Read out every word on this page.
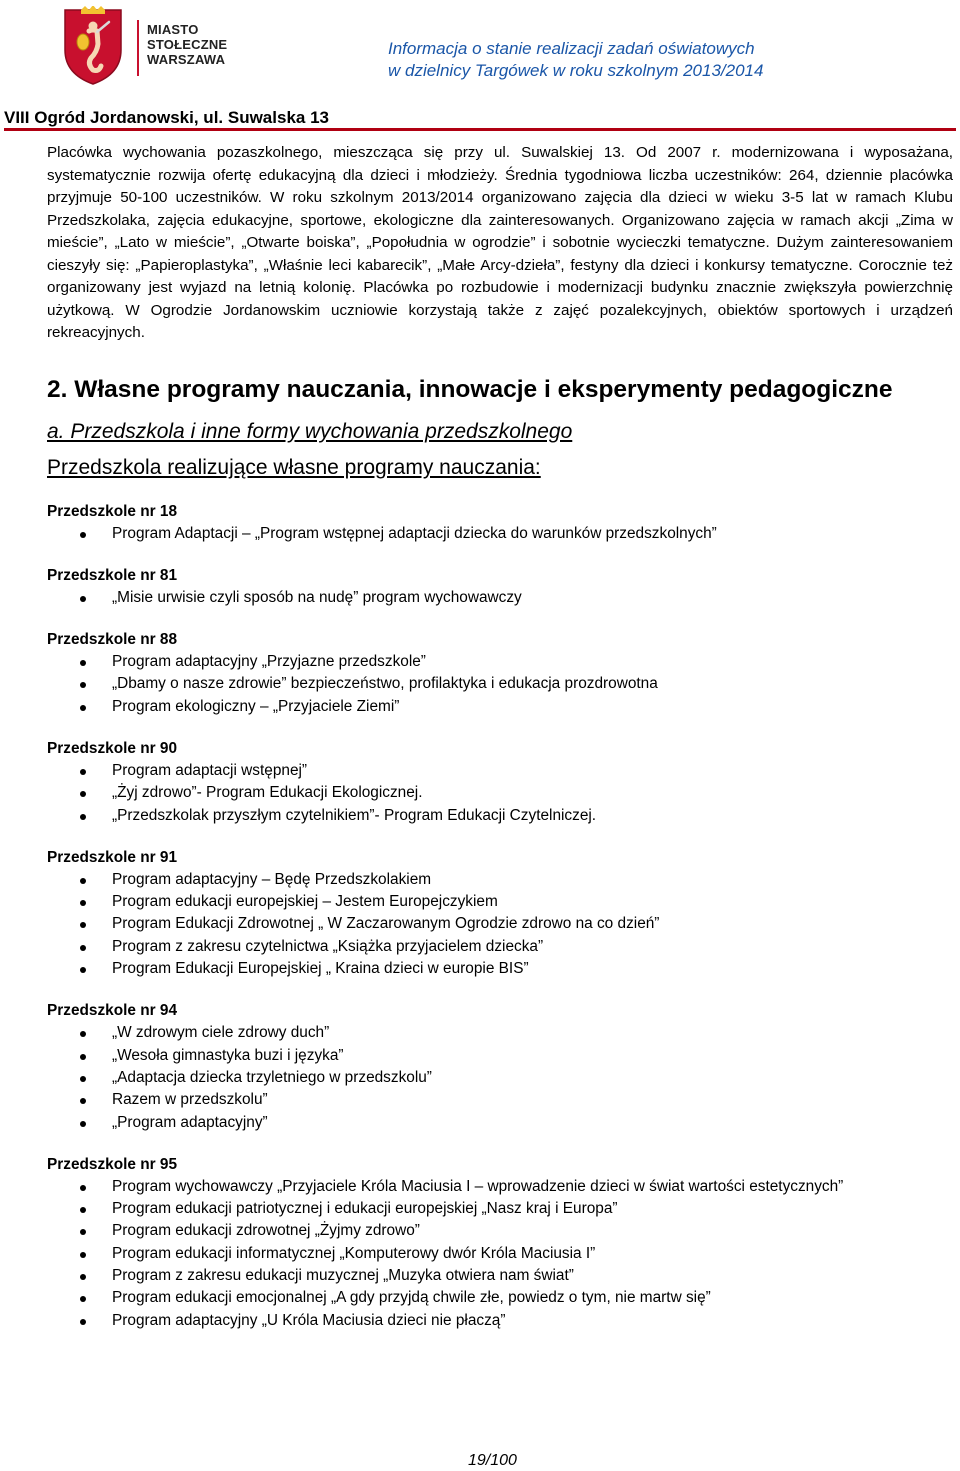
MIASTO
STOŁECZNE
WARSZAWA
Informacja o stanie realizacji zadań oświatowych
w dzielnicy Targówek w roku szkolnym 2013/2014
VIII Ogród Jordanowski, ul. Suwalska 13

Placówka wychowania pozaszkolnego, mieszcząca się przy ul. Suwalskiej 13. Od 2007 r. modernizowana i wyposażana, systematycznie rozwija ofertę edukacyjną dla dzieci i młodzieży. Średnia tygodniowa liczba uczestników: 264, dziennie placówka przyjmuje 50-100 uczestników. W roku szkolnym 2013/2014 organizowano zajęcia dla dzieci w wieku 3-5 lat w ramach Klubu Przedszkolaka, zajęcia edukacyjne, sportowe, ekologiczne dla zainteresowanych. Organizowano zajęcia w ramach akcji „Zima w mieście”, „Lato w mieście”, „Otwarte boiska”, „Popołudnia w ogrodzie” i sobotnie wycieczki tematyczne. Dużym zainteresowaniem cieszyły się: „Papieroplastyka”, „Właśnie leci kabarecik”, „Małe Arcy-dzieła”, festyny dla dzieci i konkursy tematyczne. Corocznie też organizowany jest wyjazd na letnią kolonię. Placówka po rozbudowie i modernizacji budynku znacznie zwiększyła powierzchnię użytkową. W Ogrodzie Jordanowskim uczniowie korzystają także z zajęć pozalekcyjnych, obiektów sportowych i urządzeń rekreacyjnych.

2. Własne programy nauczania, innowacje i eksperymenty pedagogiczne
a. Przedszkola i inne formy wychowania przedszkolnego
Przedszkola realizujące własne programy nauczania:
Przedszkole nr 18
Program Adaptacji – „Program wstępnej adaptacji dziecka do warunków przedszkolnych”
Przedszkole nr 81
„Misie urwisie czyli sposób na nudę” program wychowawczy
Przedszkole nr 88
Program adaptacyjny „Przyjazne przedszkole”
„Dbamy o nasze zdrowie” bezpieczeństwo, profilaktyka i edukacja prozdrowotna
Program ekologiczny – „Przyjaciele Ziemi”
Przedszkole nr 90
Program adaptacji wstępnej”
„Żyj zdrowo”- Program Edukacji Ekologicznej.
„Przedszkolak przyszłym czytelnikiem”- Program Edukacji Czytelniczej.
Przedszkole nr 91
Program adaptacyjny – Będę Przedszkolakiem
Program edukacji europejskiej – Jestem Europejczykiem
Program Edukacji Zdrowotnej „ W Zaczarowanym Ogrodzie zdrowo na co dzień”
Program z zakresu czytelnictwa „Książka przyjacielem dziecka”
Program Edukacji Europejskiej „ Kraina dzieci w europie BIS”
Przedszkole nr 94
„W zdrowym ciele zdrowy duch”
„Wesoła gimnastyka buzi i języka”
„Adaptacja dziecka trzyletniego w przedszkolu”
Razem w przedszkolu”
„Program adaptacyjny”
Przedszkole nr 95
Program wychowawczy „Przyjaciele Króla Maciusia I – wprowadzenie dzieci w świat wartości estetycznych”
Program edukacji patriotycznej i edukacji europejskiej „Nasz kraj i Europa”
Program edukacji zdrowotnej „Żyjmy zdrowo”
Program edukacji informatycznej „Komputerowy dwór Króla Maciusia I”
Program z zakresu edukacji muzycznej „Muzyka otwiera nam świat”
Program edukacji emocjonalnej „A gdy przyjdą chwile złe, powiedz o tym, nie martw się”
Program adaptacyjny „U Króla Maciusia dzieci nie płaczą”
19/100
